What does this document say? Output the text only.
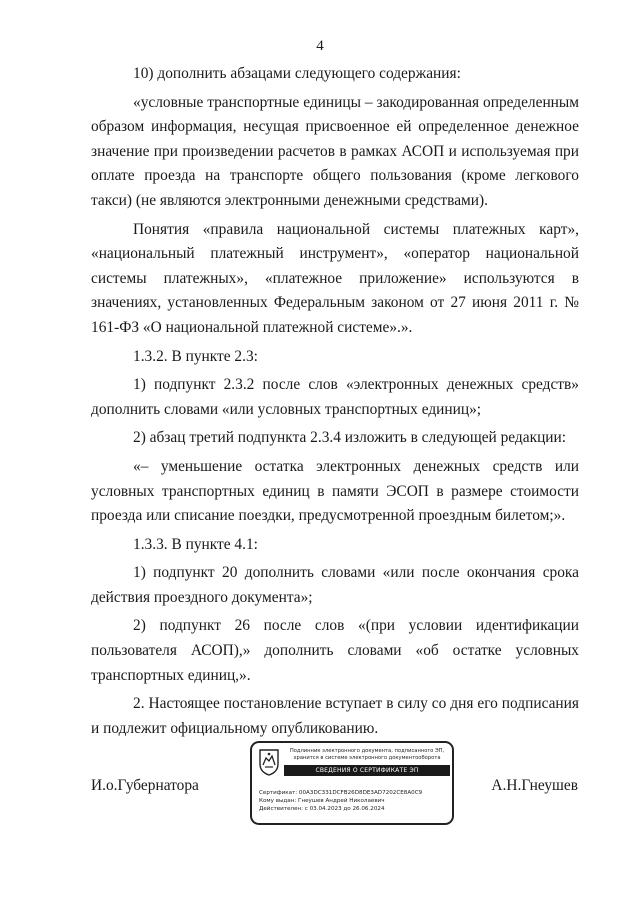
4

10) дополнить абзацами следующего содержания:

«условные транспортные единицы – закодированная определенным образом информация, несущая присвоенное ей определенное денежное значение при произведении расчетов в рамках АСОП и используемая при оплате проезда на транспорте общего пользования (кроме легкового такси) (не являются электронными денежными средствами).

Понятия «правила национальной системы платежных карт», «национальный платежный инструмент», «оператор национальной системы платежных», «платежное приложение» используются в значениях, установленных Федеральным законом от 27 июня 2011 г. № 161-ФЗ «О национальной платежной системе».».

1.3.2. В пункте 2.3:

1) подпункт 2.3.2 после слов «электронных денежных средств» дополнить словами «или условных транспортных единиц»;

2) абзац третий подпункта 2.3.4 изложить в следующей редакции:

«– уменьшение остатка электронных денежных средств или условных транспортных единиц в памяти ЭСОП в размере стоимости проезда или списание поездки, предусмотренной проездным билетом;».

1.3.3. В пункте 4.1:

1) подпункт 20 дополнить словами «или после окончания срока действия проездного документа»;

2) подпункт 26 после слов «(при условии идентификации пользователя АСОП),» дополнить словами «об остатке условных транспортных единиц,».

2. Настоящее постановление вступает в силу со дня его подписания и подлежит официальному опубликованию.

И.о.Губернатора
Подлинник электронного документа, подписанного ЭП, хранится в системе электронного документооборота
СВЕДЕНИЯ О СЕРТИФИКАТЕ ЭП
Сертификат: 00A3DC331DCFB26D8DE3AD7202CE8A0C9
Кому выдан: Гнеушев Андрей Николаевич
Действителен: с 03.04.2023 до 26.06.2024
А.Н.Гнеушев
